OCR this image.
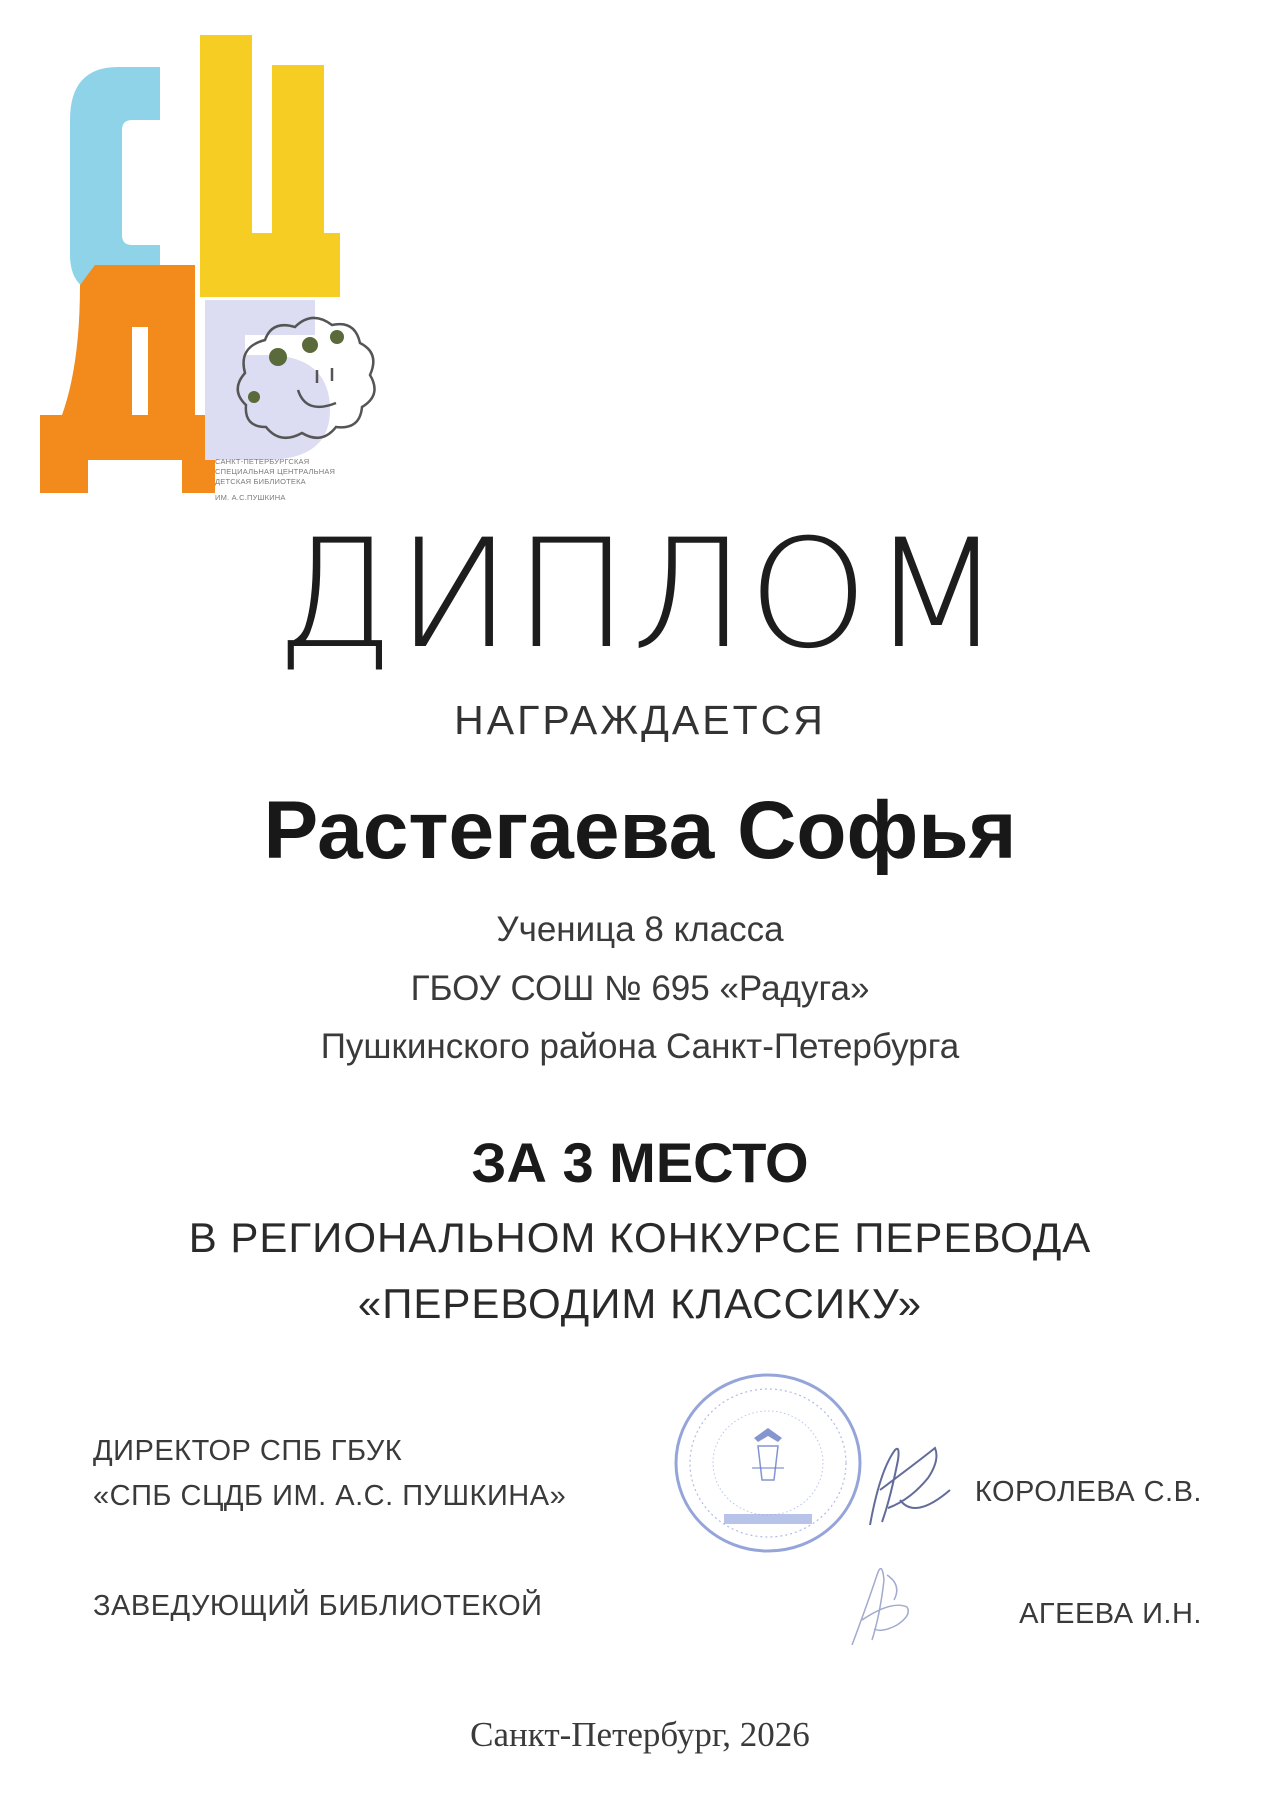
САНКТ-ПЕТЕРБУРГСКАЯ
СПЕЦИАЛЬНАЯ ЦЕНТРАЛЬНАЯ
ДЕТСКАЯ БИБЛИОТЕКА
ИМ. А.С.ПУШКИНА
ДИПЛОМ
НАГРАЖДАЕТСЯ
Растегаева Софья
Ученица 8 класса
ГБОУ СОШ № 695 «Радуга»
Пушкинского района Санкт-Петербурга
ЗА 3 МЕСТО
В РЕГИОНАЛЬНОМ КОНКУРСЕ ПЕРЕВОДА
«ПЕРЕВОДИМ КЛАССИКУ»
ДИРЕКТОР СПБ ГБУК
«СПБ СЦДБ ИМ. А.С. ПУШКИНА»	КОРОЛЕВА С.В.
ЗАВЕДУЮЩИЙ БИБЛИОТЕКОЙ	АГЕЕВА И.Н.
Санкт-Петербург, 2026
